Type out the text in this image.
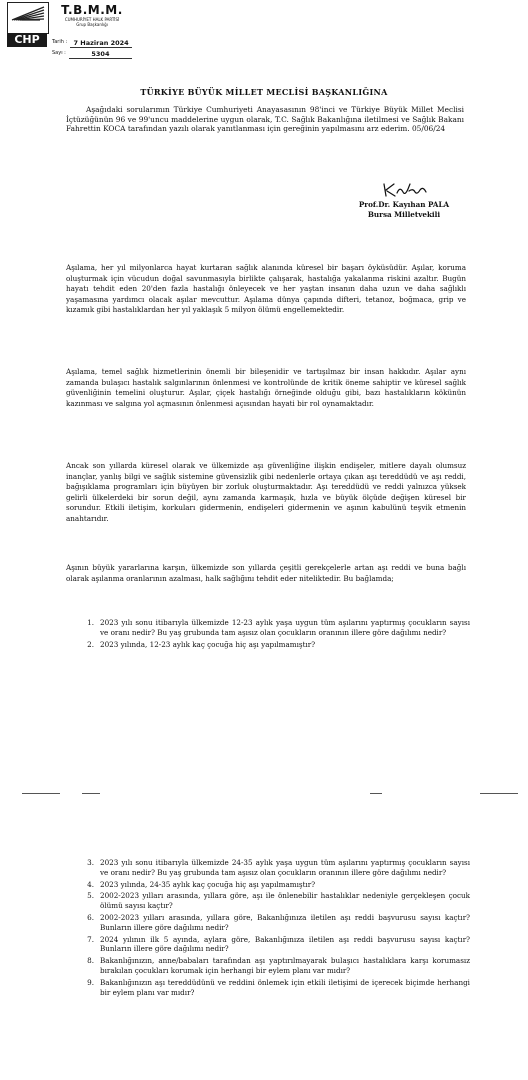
CHP
T.B.M.M.
CUMHURİYET HALK PARTİSİ
Grup Başkanlığı
Tarih : 7 Haziran 2024
Sayı :	5304
TÜRKİYE BÜYÜK MİLLET MECLİSİ BAŞKANLIĞINA

Aşağıdaki sorularımın Türkiye Cumhuriyeti Anayasasının 98'inci ve Türkiye Büyük Millet Meclisi İçtüzüğünün 96 ve 99'uncu maddelerine uygun olarak, T.C. Sağlık Bakanlığına iletilmesi ve Sağlık Bakanı Fahrettin KOCA tarafından yazılı olarak yanıtlanması için gereğinin yapılmasını arz ederim. 05/06/24

Prof.Dr. Kayıhan PALA
Bursa Milletvekili

Aşılama, her yıl milyonlarca hayat kurtaran sağlık alanında küresel bir başarı öyküsüdür. Aşılar, koruma oluşturmak için vücudun doğal savunmasıyla birlikte çalışarak, hastalığa yakalanma riskini azaltır. Bugün hayatı tehdit eden 20'den fazla hastalığı önleyecek ve her yaştan insanın daha uzun ve daha sağlıklı yaşamasına yardımcı olacak aşılar mevcuttur. Aşılama dünya çapında difteri, tetanoz, boğmaca, grip ve kızamık gibi hastalıklardan her yıl yaklaşık 5 milyon ölümü engellemektedir.

Aşılama, temel sağlık hizmetlerinin önemli bir bileşenidir ve tartışılmaz bir insan hakkıdır. Aşılar aynı zamanda bulaşıcı hastalık salgınlarının önlenmesi ve kontrolünde de kritik öneme sahiptir ve küresel sağlık güvenliğinin temelini oluşturur. Aşılar, çiçek hastalığı örneğinde olduğu gibi, bazı hastalıkların kökünün kazınması ve salgına yol açmasının önlenmesi açısından hayati bir rol oynamaktadır.

Ancak son yıllarda küresel olarak ve ülkemizde aşı güvenliğine ilişkin endişeler, mitlere dayalı olumsuz inançlar, yanlış bilgi ve sağlık sistemine güvensizlik gibi nedenlerle ortaya çıkan aşı tereddüdü ve aşı reddi, bağışıklama programları için büyüyen bir zorluk oluşturmaktadır. Aşı tereddüdü ve reddi yalnızca yüksek gelirli ülkelerdeki bir sorun değil, aynı zamanda karmaşık, hızla ve büyük ölçüde değişen küresel bir sorundur. Etkili iletişim, korkuları gidermenin, endişeleri gidermenin ve aşının kabulünü teşvik etmenin anahtarıdır.

Aşının büyük yararlarına karşın, ülkemizde son yıllarda çeşitli gerekçelerle artan aşı reddi ve buna bağlı olarak aşılanma oranlarının azalması, halk sağlığını tehdit eder niteliktedir. Bu bağlamda;

1. 2023 yılı sonu itibarıyla ülkemizde 12-23 aylık yaşa uygun tüm aşılarını yaptırmış çocukların sayısı ve oranı nedir? Bu yaş grubunda tam aşısız olan çocukların oranının illere göre dağılımı nedir?
2. 2023 yılında, 12-23 aylık kaç çocuğa hiç aşı yapılmamıştır?
3. 2023 yılı sonu itibarıyla ülkemizde 24-35 aylık yaşa uygun tüm aşılarını yaptırmış çocukların sayısı ve oranı nedir? Bu yaş grubunda tam aşısız olan çocukların oranının illere göre dağılımı nedir?
4. 2023 yılında, 24-35 aylık kaç çocuğa hiç aşı yapılmamıştır?
5. 2002-2023 yılları arasında, yıllara göre, aşı ile önlenebilir hastalıklar nedeniyle gerçekleşen çocuk ölümü sayısı kaçtır?
6. 2002-2023 yılları arasında, yıllara göre, Bakanlığınıza iletilen aşı reddi başvurusu sayısı kaçtır? Bunların illere göre dağılımı nedir?
7. 2024 yılının ilk 5 ayında, aylara göre, Bakanlığınıza iletilen aşı reddi başvurusu sayısı kaçtır? Bunların illere göre dağılımı nedir?
8. Bakanlığınızın, anne/babaları tarafından aşı yaptırılmayarak bulaşıcı hastalıklara karşı korumasız bırakılan çocukları korumak için herhangi bir eylem planı var mıdır?
9. Bakanlığınızın aşı tereddüdünü ve reddini önlemek için etkili iletişimi de içerecek biçimde herhangi bir eylem planı var mıdır?
